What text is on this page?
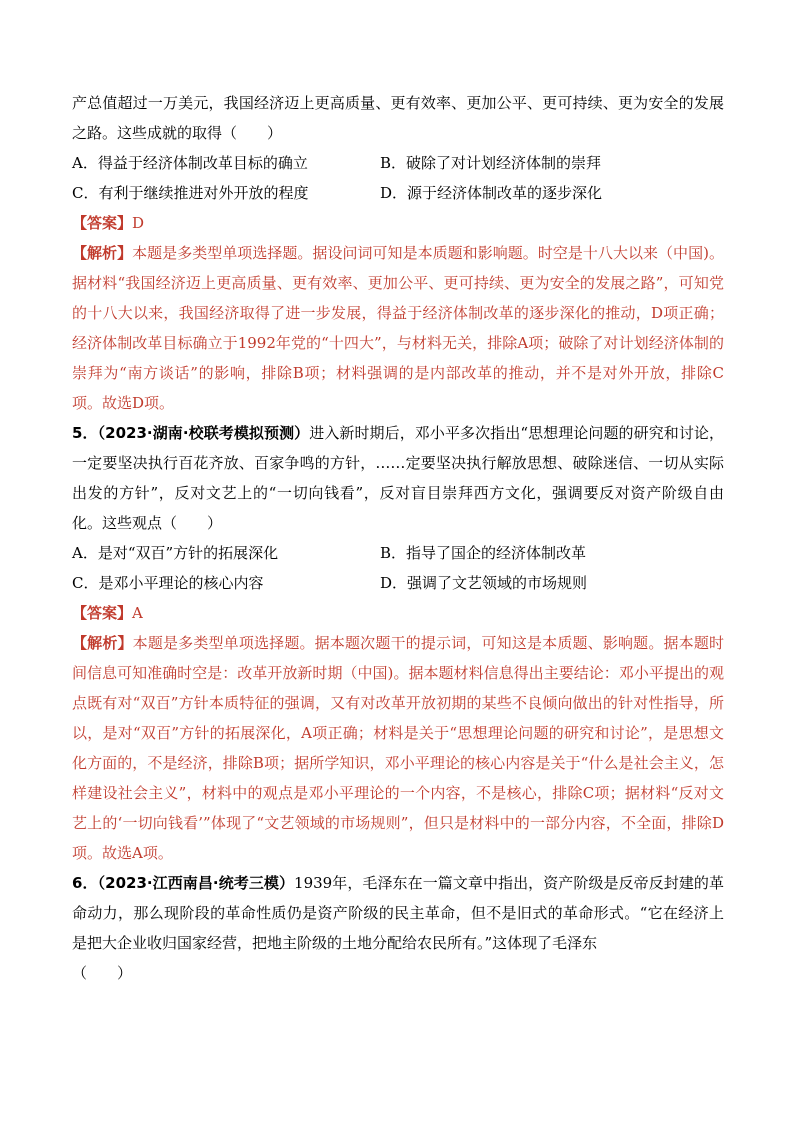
产总值超过一万美元，我国经济迈上更高质量、更有效率、更加公平、更可持续、更为安全的发展之路。这些成就的取得（　　）

A．得益于经济体制改革目标的确立	B．破除了对计划经济体制的崇拜
C．有利于继续推进对外开放的程度	D．源于经济体制改革的逐步深化
【答案】D

【解析】本题是多类型单项选择题。据设问词可知是本质题和影响题。时空是十八大以来（中国)。据材料“我国经济迈上更高质量、更有效率、更加公平、更可持续、更为安全的发展之路”，可知党的十八大以来，我国经济取得了进一步发展，得益于经济体制改革的逐步深化的推动，D项正确；经济体制改革目标确立于1992年党的“十四大”，与材料无关，排除A项；破除了对计划经济体制的崇拜为“南方谈话”的影响，排除B项；材料强调的是内部改革的推动，并不是对外开放，排除C项。故选D项。

5．（2023·湖南·校联考模拟预测）进入新时期后，邓小平多次指出“思想理论问题的研究和讨论，一定要坚决执行百花齐放、百家争鸣的方针，……定要坚决执行解放思想、破除迷信、一切从实际出发的方针”，反对文艺上的“一切向钱看”，反对盲目崇拜西方文化，强调要反对资产阶级自由化。这些观点（　　）

A．是对“双百”方针的拓展深化	B．指导了国企的经济体制改革
C．是邓小平理论的核心内容	D．强调了文艺领域的市场规则
【答案】A

【解析】本题是多类型单项选择题。据本题次题干的提示词，可知这是本质题、影响题。据本题时间信息可知准确时空是：改革开放新时期（中国)。据本题材料信息得出主要结论：邓小平提出的观点既有对“双百”方针本质特征的强调，又有对改革开放初期的某些不良倾向做出的针对性指导，所以，是对“双百”方针的拓展深化，A项正确；材料是关于“思想理论问题的研究和讨论”，是思想文化方面的，不是经济，排除B项；据所学知识，邓小平理论的核心内容是关于“什么是社会主义，怎样建设社会主义”，材料中的观点是邓小平理论的一个内容，不是核心，排除C项；据材料“反对文艺上的‘一切向钱看’”体现了“文艺领域的市场规则”，但只是材料中的一部分内容，不全面，排除D项。故选A项。

6．（2023·江西南昌·统考三模）1939年，毛泽东在一篇文章中指出，资产阶级是反帝反封建的革命动力，那么现阶段的革命性质仍是资产阶级的民主革命，但不是旧式的革命形式。“它在经济上是把大企业收归国家经营，把地主阶级的土地分配给农民所有。”这体现了毛泽东

（　　）
